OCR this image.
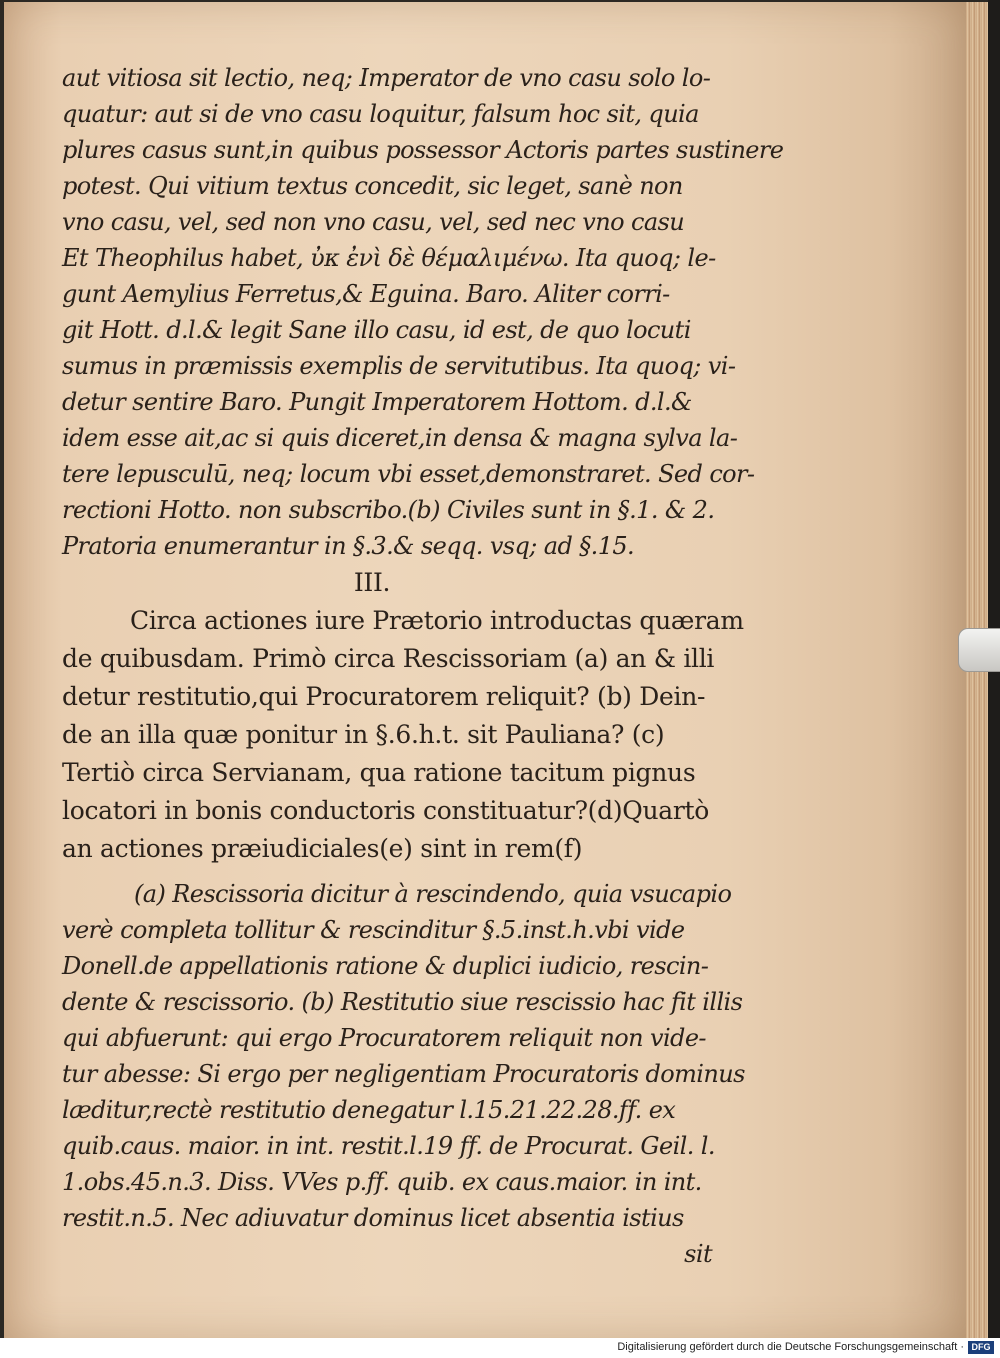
aut vitiosa sit lectio, neq; Imperator de vno casu solo lo-
quatur: aut si de vno casu loquitur, falsum hoc sit, quia
plures casus sunt,in quibus possessor Actoris partes sustinere
potest. Qui vitium textus concedit, sic leget, sanè non
vno casu, vel, sed non vno casu, vel, sed nec vno casu
Et Theophilus habet, ὐκ ἐνὶ δὲ θέμαλιμένω. Ita quoq; le-
gunt Aemylius Ferretus,& Eguina. Baro. Aliter corri-
git Hott. d.l.& legit Sane illo casu, id est, de quo locuti
sumus in præmissis exemplis de servitutibus. Ita quoq; vi-
detur sentire Baro. Pungit Imperatorem Hottom. d.l.&
idem esse ait,ac si quis diceret,in densa & magna sylva la-
tere lepusculū, neq; locum vbi esset,demonstraret. Sed cor-
rectioni Hotto. non subscribo.(b) Civiles sunt in §.1. & 2.
Pratoria enumerantur in §.3.& seqq. vsq; ad §.15.
III.
Circa actiones iure Prætorio introductas quæram
de quibusdam. Primò circa Rescissoriam (a) an & illi
detur restitutio,qui Procuratorem reliquit? (b) Dein-
de an illa quæ ponitur in §.6.h.t. sit Pauliana? (c)
Tertiò circa Servianam, qua ratione tacitum pignus
locatori in bonis conductoris constituatur?(d)Quartò
an actiones præiudiciales(e) sint in rem(f)
(a) Rescissoria dicitur à rescindendo, quia vsucapio
verè completa tollitur & rescinditur §.5.inst.h.vbi vide
Donell.de appellationis ratione & duplici iudicio, rescin-
dente & rescissorio. (b) Restitutio siue rescissio hac fit illis
qui abfuerunt: qui ergo Procuratorem reliquit non vide-
tur abesse: Si ergo per negligentiam Procuratoris dominus
læditur,rectè restitutio denegatur l.15.21.22.28.ff. ex
quib.caus. maior. in int. restit.l.19 ff. de Procurat. Geil. l.
1.obs.45.n.3. Diss. VVes p.ff. quib. ex caus.maior. in int.
restit.n.5. Nec adiuvatur dominus licet absentia istius
sit
Digitalisierung gefördert durch die Deutsche Forschungsgemeinschaft · DFG
